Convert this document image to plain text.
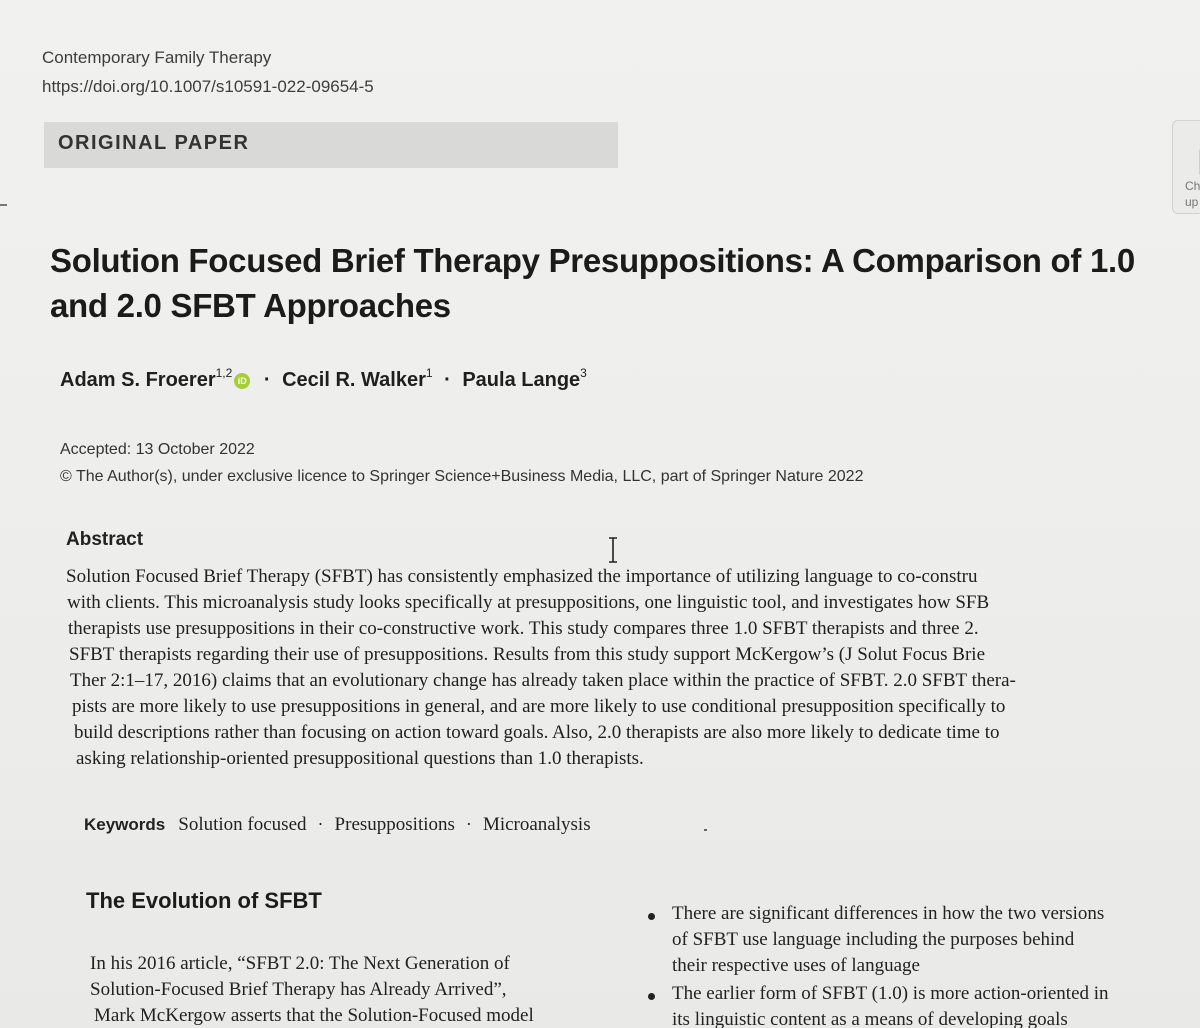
Contemporary Family Therapy
https://doi.org/10.1007/s10591-022-09654-5
ORIGINAL PAPER
Ch
up
Solution Focused Brief Therapy Presuppositions: A Comparison of 1.0
and 2.0 SFBT Approaches
Adam S. Froerer$^{1,2}$iD · Cecil R. Walker$^1$ · Paula Lange$^3$
Accepted: 13 October 2022
© The Author(s), under exclusive licence to Springer Science+Business Media, LLC, part of Springer Nature 2022
Abstract
Solution Focused Brief Therapy (SFBT) has consistently emphasized the importance of utilizing language to co-constru
with clients. This microanalysis study looks specifically at presuppositions, one linguistic tool, and investigates how SFB
therapists use presuppositions in their co-constructive work. This study compares three 1.0 SFBT therapists and three 2.
SFBT therapists regarding their use of presuppositions. Results from this study support McKergow’s (J Solut Focus Brie
Ther 2:1–17, 2016) claims that an evolutionary change has already taken place within the practice of SFBT. 2.0 SFBT thera-
pists are more likely to use presuppositions in general, and are more likely to use conditional presupposition specifically to
build descriptions rather than focusing on action toward goals. Also, 2.0 therapists are also more likely to dedicate time to
asking relationship-oriented presuppositional questions than 1.0 therapists.
Keywords Solution focused · Presuppositions · Microanalysis
The Evolution of SFBT
In his 2016 article, “SFBT 2.0: The Next Generation of
Solution-Focused Brief Therapy has Already Arrived”,
Mark McKergow asserts that the Solution-Focused model
There are significant differences in how the two versions
of SFBT use language including the purposes behind
their respective uses of language
The earlier form of SFBT (1.0) is more action-oriented in
its linguistic content as a means of developing goals
